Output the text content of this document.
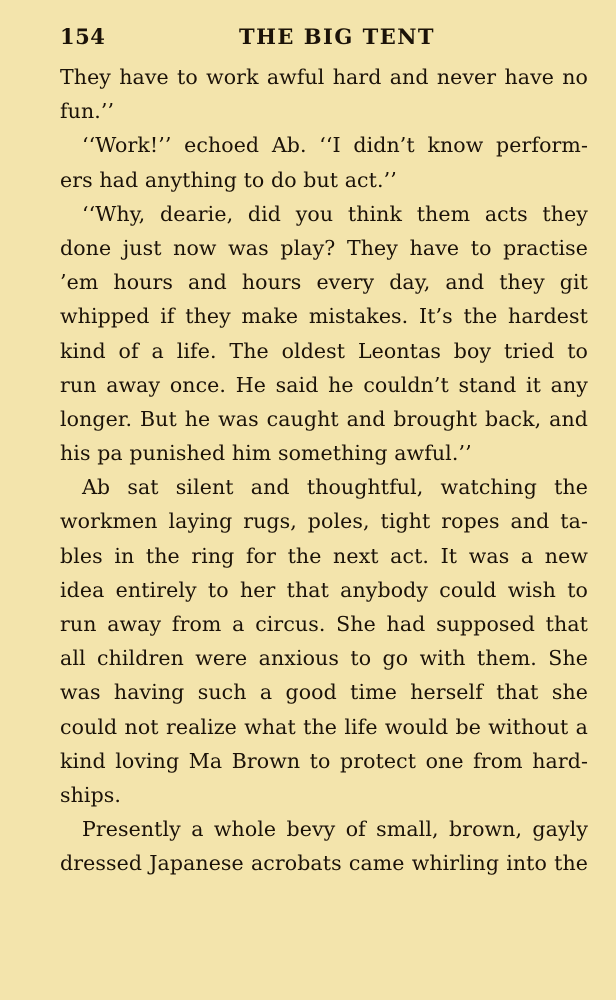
154	THE BIG TENT
They have to work awful hard and never have no
fun.’’
‘‘Work!’’ echoed Ab. ‘‘I didn’t know perform-
ers had anything to do but act.’’
‘‘Why, dearie, did you think them acts they
done just now was play? They have to practise
’em hours and hours every day, and they git
whipped if they make mistakes. It’s the hardest
kind of a life. The oldest Leontas boy tried to
run away once. He said he couldn’t stand it any
longer. But he was caught and brought back, and
his pa punished him something awful.’’
Ab sat silent and thoughtful, watching the
workmen laying rugs, poles, tight ropes and ta-
bles in the ring for the next act. It was a new
idea entirely to her that anybody could wish to
run away from a circus. She had supposed that
all children were anxious to go with them. She
was having such a good time herself that she
could not realize what the life would be without a
kind loving Ma Brown to protect one from hard-
ships.
Presently a whole bevy of small, brown, gayly
dressed Japanese acrobats came whirling into the
